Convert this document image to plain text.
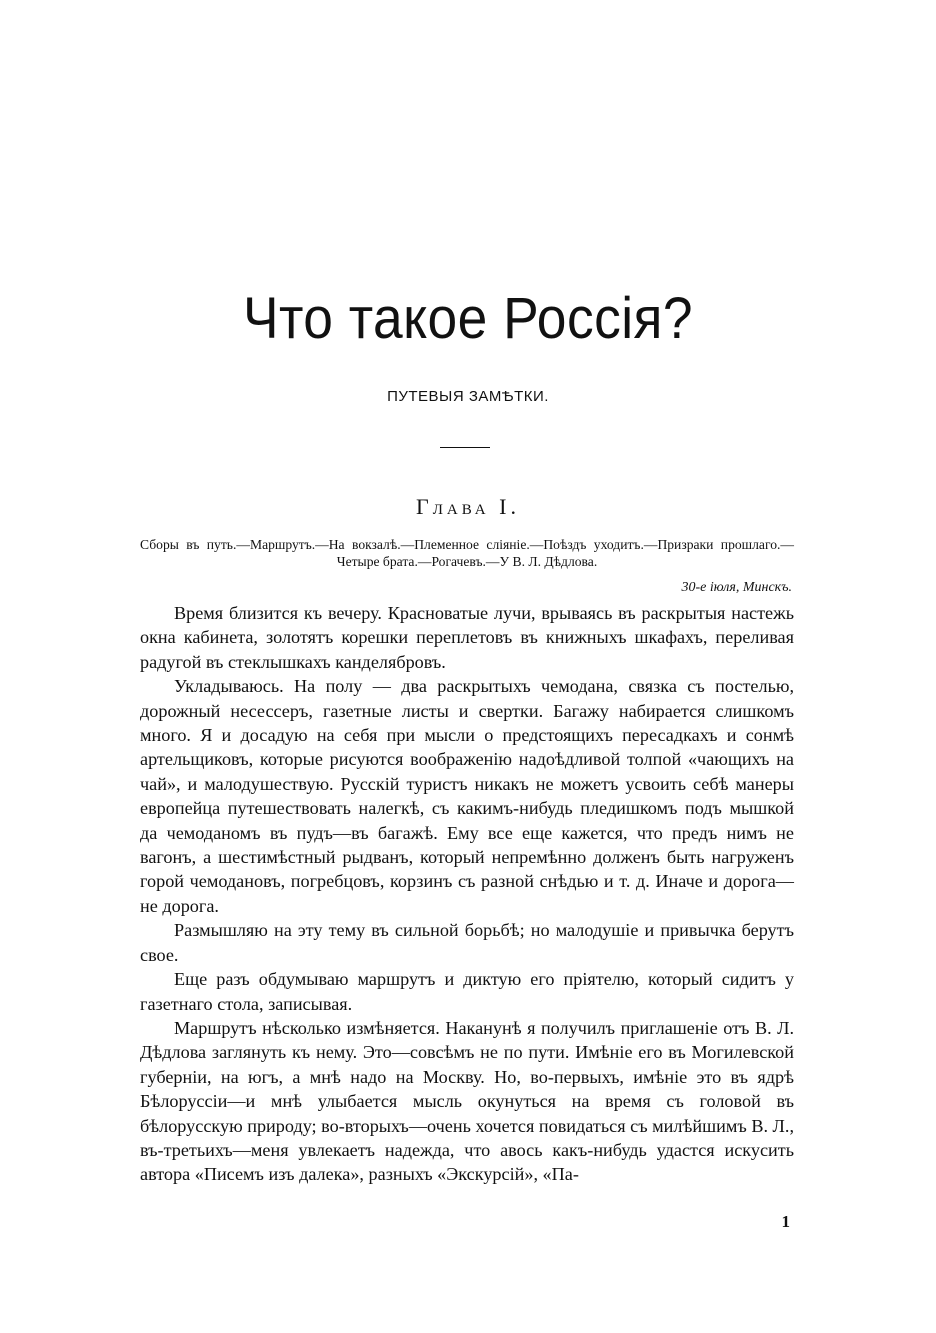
Что такое Россія?
ПУТЕВЫЯ ЗАМѢТКИ.
Глава I.
Сборы въ путь.—Маршрутъ.—На вокзалѣ.—Племенное сліяніе.—Поѣздъ уходитъ.—Призраки прошлаго.—Четыре брата.—Рогачевъ.—У В. Л. Дѣдлова.
30-е іюля, Минскъ.

Время близится къ вечеру. Красноватые лучи, врываясь въ раскрытыя настежь окна кабинета, золотятъ корешки переплетовъ въ книжныхъ шкафахъ, переливая радугой въ стеклышкахъ канделябровъ.

Укладываюсь. На полу — два раскрытыхъ чемодана, связка съ постелью, дорожный несессеръ, газетные листы и свертки. Багажу набирается слишкомъ много. Я и досадую на себя при мысли о предстоящихъ пересадкахъ и сонмѣ артельщиковъ, которые рисуются воображенію надоѣдливой толпой «чающихъ на чай», и малодушествую. Русскій туристъ никакъ не можетъ усвоить себѣ манеры европейца путешествовать налегкѣ, съ какимъ-нибудь пледишкомъ подъ мышкой да чемоданомъ въ пудъ—въ багажѣ. Ему все еще кажется, что предъ нимъ не вагонъ, а шестимѣстный рыдванъ, который непремѣнно долженъ быть нагруженъ горой чемодановъ, погребцовъ, корзинъ съ разной снѣдью и т. д. Иначе и дорога—не дорога.

Размышляю на эту тему въ сильной борьбѣ; но малодушіе и привычка берутъ свое.

Еще разъ обдумываю маршрутъ и диктую его пріятелю, который сидитъ у газетнаго стола, записывая.

Маршрутъ нѣсколько измѣняется. Наканунѣ я получилъ приглашеніе отъ В. Л. Дѣдлова заглянуть къ нему. Это—совсѣмъ не по пути. Имѣніе его въ Могилевской губерніи, на югъ, а мнѣ надо на Москву. Но, во-первыхъ, имѣніе это въ ядрѣ Бѣлоруссіи—и мнѣ улыбается мысль окунуться на время съ головой въ бѣлорусскую природу; во-вторыхъ—очень хочется повидаться съ милѣйшимъ В. Л., въ-третьихъ—меня увлекаетъ надежда, что авось какъ-нибудь удастся искусить автора «Писемъ изъ далека», разныхъ «Экскурсій», «Па-

1
